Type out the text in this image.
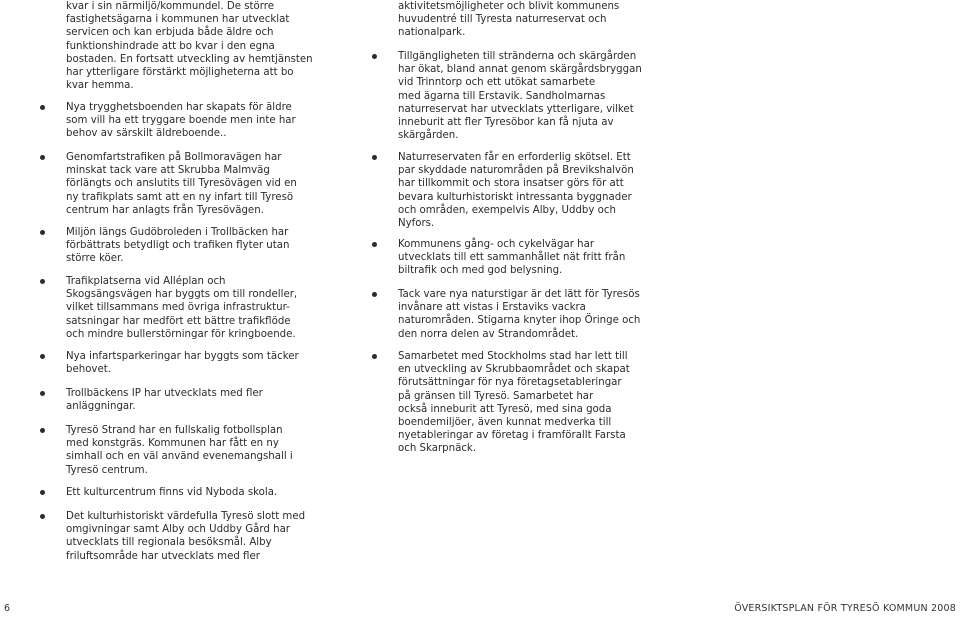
kvar i sin närmiljö/kommundel. De större
fastighetsägarna i kommunen har utvecklat
servicen och kan erbjuda både äldre och
funktionshindrade att bo kvar i den egna
bostaden. En fortsatt utveckling av hemtjänsten
har ytterligare förstärkt möjligheterna att bo
kvar hemma.
Nya trygghetsboenden har skapats för äldre
som vill ha ett tryggare boende men inte har
behov av särskilt äldreboende..
Genomfartstrafiken på Bollmoravägen har
minskat tack vare att Skrubba Malmväg
förlängts och anslutits till Tyresövägen vid en
ny trafikplats samt att en ny infart till Tyresö
centrum har anlagts från Tyresövägen.
Miljön längs Gudöbroleden i Trollbäcken har
förbättrats betydligt och trafiken flyter utan
större köer.
Trafikplatserna vid Alléplan och
Skogsängsvägen har byggts om till rondeller,
vilket tillsammans med övriga infrastruktur-
satsningar har medfört ett bättre trafikflöde
och mindre bullerstörningar för kringboende.
Nya infartsparkeringar har byggts som täcker
behovet.
Trollbäckens IP har utvecklats med fler
anläggningar.
Tyresö Strand har en fullskalig fotbollsplan
med konstgräs. Kommunen har fått en ny
simhall och en väl använd evenemangshall i
Tyresö centrum.
Ett kulturcentrum finns vid Nyboda skola.
Det kulturhistoriskt värdefulla Tyresö slott med
omgivningar samt Alby och Uddby Gård har
utvecklats till regionala besöksmål. Alby
friluftsområde har utvecklats med fler
aktivitetsmöjligheter och blivit kommunens
huvudentré till Tyresta naturreservat och
nationalpark.
Tillgängligheten till stränderna och skärgården
har ökat, bland annat genom skärgårdsbryggan
vid Trinntorp och ett utökat samarbete
med ägarna till Erstavik. Sandholmarnas
naturreservat har utvecklats ytterligare, vilket
inneburit att fler Tyresöbor kan få njuta av
skärgården.
Naturreservaten får en erforderlig skötsel. Ett
par skyddade naturområden på Brevikshalvön
har tillkommit och stora insatser görs för att
bevara kulturhistoriskt intressanta byggnader
och områden, exempelvis Alby, Uddby och
Nyfors.
Kommunens gång- och cykelvägar har
utvecklats till ett sammanhållet nät fritt från
biltrafik och med god belysning.
Tack vare nya naturstigar är det lätt för Tyresös
invånare att vistas i Erstaviks vackra
naturområden. Stigarna knyter ihop Öringe och
den norra delen av Strandområdet.
Samarbetet med Stockholms stad har lett till
en utveckling av Skrubbaområdet och skapat
förutsättningar för nya företagsetableringar
på gränsen till Tyresö. Samarbetet har
också inneburit att Tyresö, med sina goda
boendemiljöer, även kunnat medverka till
nyetableringar av företag i framförallt Farsta
och Skarpnäck.
6	ÖVERSIKTSPLAN FÖR TYRESÖ KOMMUN 2008
